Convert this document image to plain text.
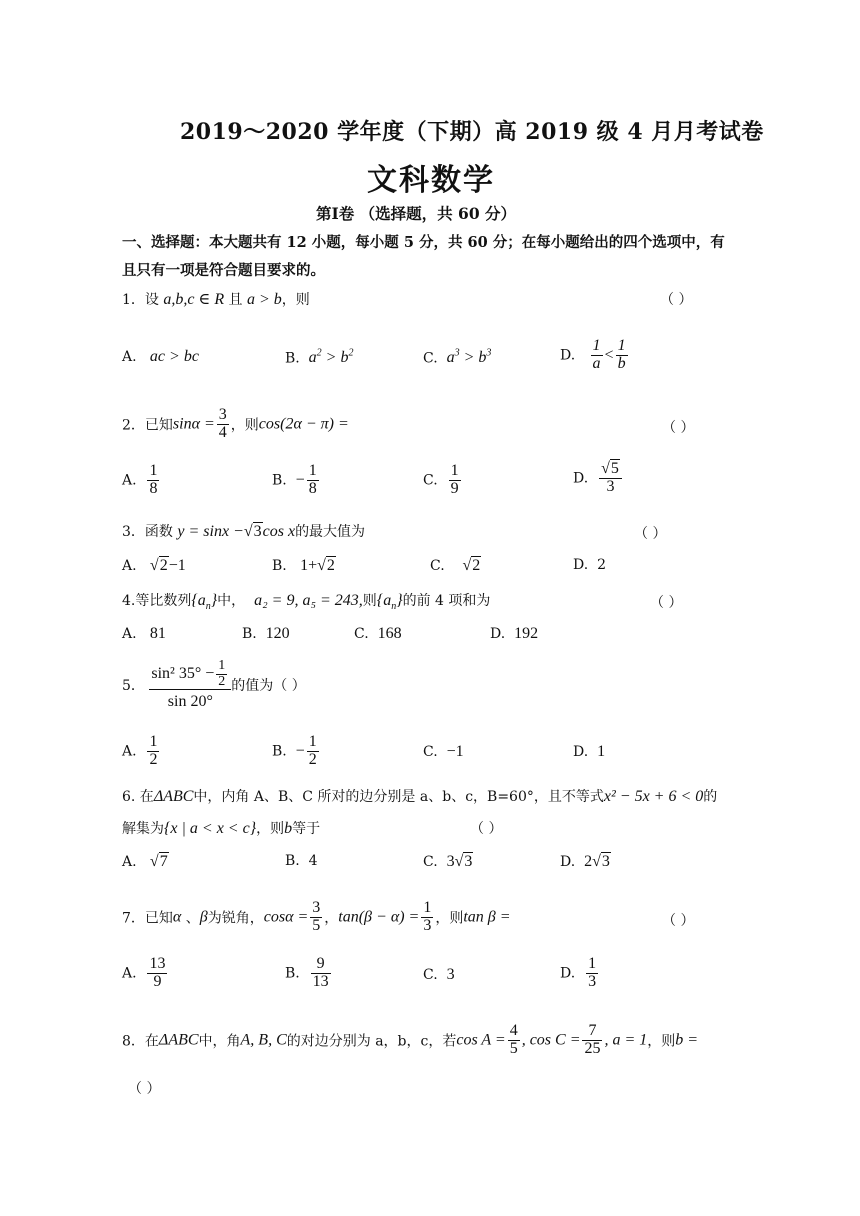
2019～2020 学年度（下期）高 2019 级 4 月月考试卷
文科数学
第Ⅰ卷 （选择题，共 60 分）
一、选择题：本大题共有 12 小题，每小题 5 分，共 60 分；在每小题给出的四个选项中，有
且只有一项是符合题目要求的。
1．设 a,b,c ∈ R 且 a > b，则	（ ）
A. ac > bc	B. $a^2 > b^2$	C. $a^3 > b^3$	D. $\frac{1}{a} < \frac{1}{b}$
2．已知$\sin\alpha = \frac{3}{4}$ ，则cos(2α − π) =	（ ）
A. $\frac{1}{8}$	B. − $\frac{1}{8}$	C. $\frac{1}{9}$	D. $\frac{√5}{3}$
3．函数 y = sinx −√3cos x的最大值为	（ ）
A. √2−1	B. 1+√2	C. √2	D. 2
4.等比数列$\{a_n\}$中， a₂ = 9, a₅ = 243,则$\{a_n\}$的前 4 项和为	（ ）
A. 81	B. 120	C. 168	D. 192
5． $\frac{\sin^2 35^\circ - \frac{1}{2}}{\sin 20^\circ}$ 的值为（ ）
A. $\frac{1}{2}$	B. − $\frac{1}{2}$	C. −1	D. 1
6. 在ΔABC中，内角 A、B、C 所对的边分别是 a、b、c，B=60°，且不等式x² − 5x + 6 < 0的
解集为{x | a < x < c}，则b等于	（ ）
A. √7	B. 4	C. 3√3	D. 2√3
7．已知α 、β为锐角，$\cos\alpha = \frac{3}{5}$ ，$\tan(\beta - \alpha) = \frac{1}{3}$ ，则tan β =	（ ）
A. $\frac{13}{9}$	B. $\frac{9}{13}$	C. 3	D. $\frac{1}{3}$
8．在ΔABC中，角A, B, C的对边分别为 a，b，c，若$\cos A = \frac{4}{5}$ , $\cos C = \frac{7}{25}$ , a = 1，则b =
（ ）
